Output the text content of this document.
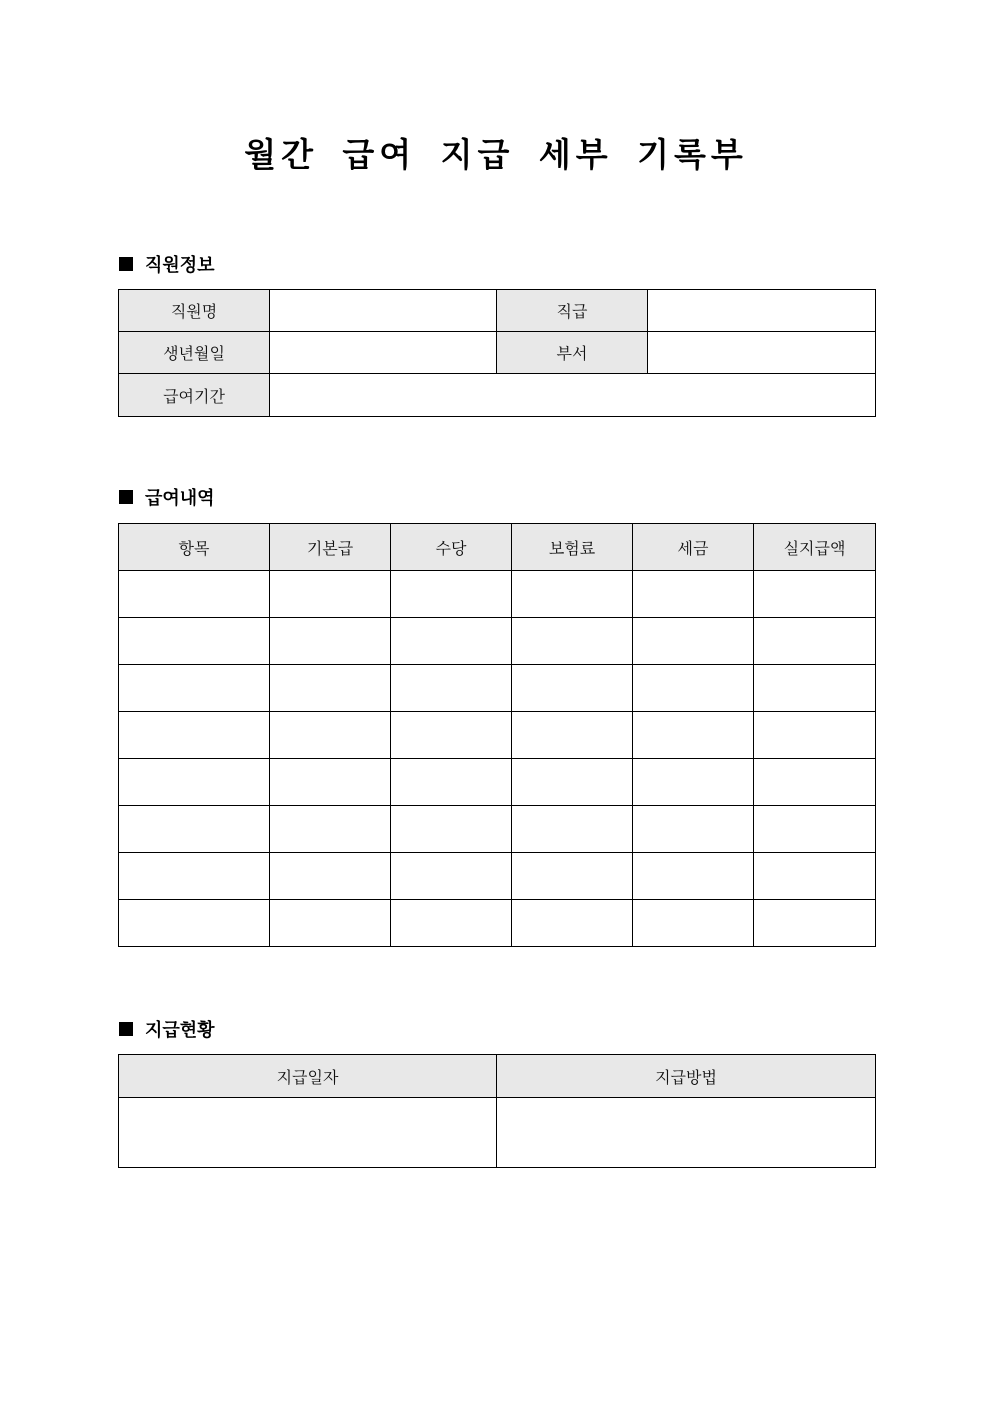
월간 급여 지급 세부 기록부
직원정보
직원명		직급	
생년월일		부서	
급여기간			
급여내역
항목	기본급	수당	보험료	세금	실지급액

지급현황
지급일자	지급방법
